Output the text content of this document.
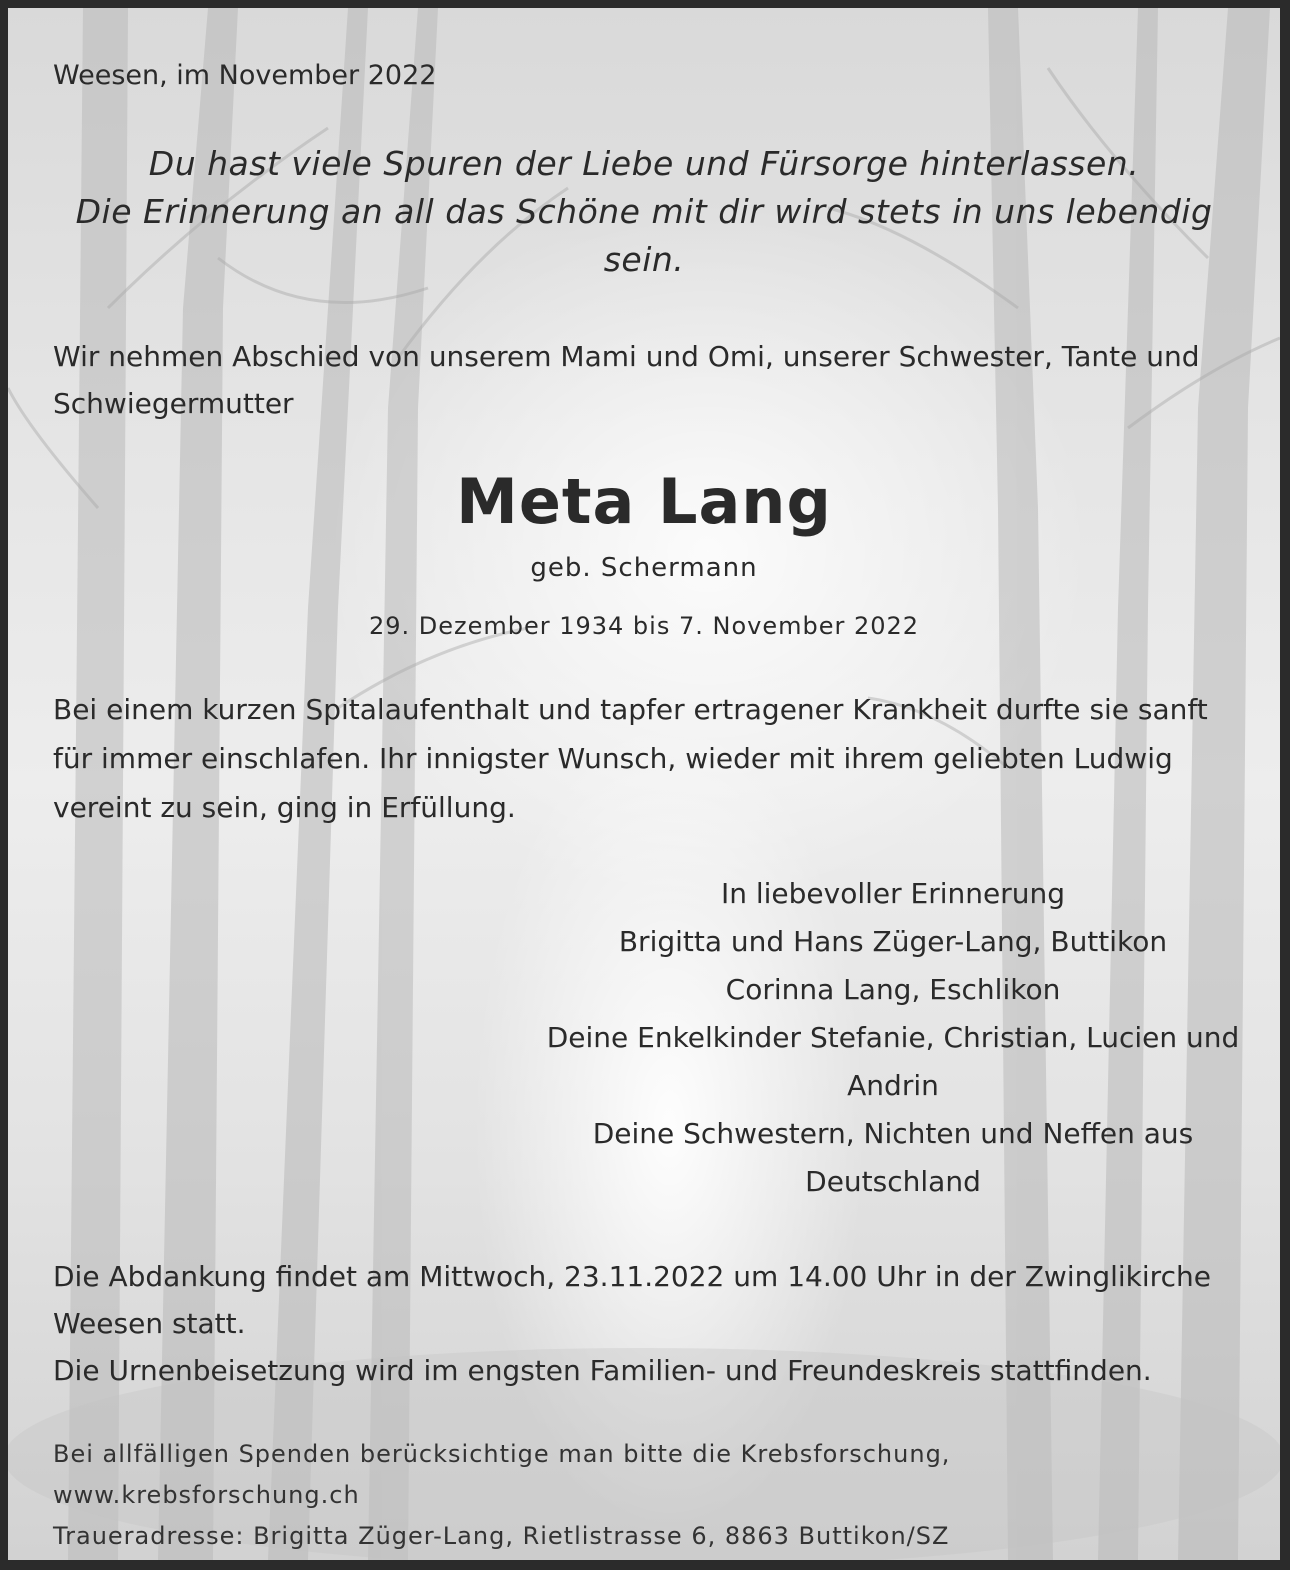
Weesen, im November 2022

Du hast viele Spuren der Liebe und Fürsorge hinterlassen.
Die Erinnerung an all das Schöne mit dir wird stets in uns lebendig sein.

Wir nehmen Abschied von unserem Mami und Omi, unserer Schwester, Tante und Schwiegermutter

Meta Lang

geb. Schermann

29. Dezember 1934 bis 7. November 2022

Bei einem kurzen Spitalaufenthalt und tapfer ertragener Krankheit durfte sie sanft für immer einschlafen. Ihr innigster Wunsch, wieder mit ihrem geliebten Ludwig vereint zu sein, ging in Erfüllung.

In liebevoller Erinnerung
Brigitta und Hans Züger-Lang, Buttikon
Corinna Lang, Eschlikon
Deine Enkelkinder Stefanie, Christian, Lucien und Andrin
Deine Schwestern, Nichten und Neffen aus Deutschland
Die Abdankung findet am Mittwoch, 23.11.2022 um 14.00 Uhr in der Zwinglikirche Weesen statt.
Die Urnenbeisetzung wird im engsten Familien- und Freundeskreis stattfinden.
Bei allfälligen Spenden berücksichtige man bitte die Krebsforschung, www.krebsforschung.ch
Traueradresse: Brigitta Züger-Lang, Rietlistrasse 6, 8863 Buttikon/SZ
